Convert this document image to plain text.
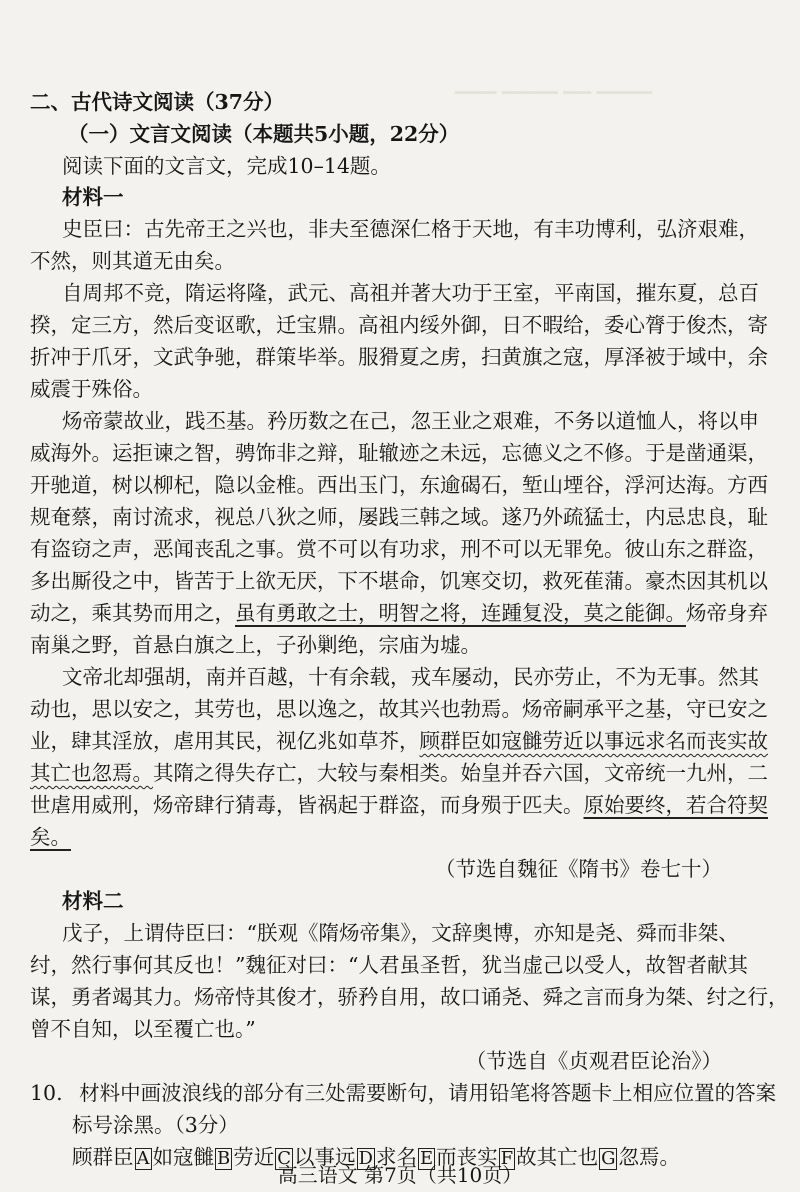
▔▔▔ ▔▔▔▔ ▔▔ ▔▔▔▔
二、古代诗文阅读（37分）
（一）文言文阅读（本题共5小题，22分）
阅读下面的文言文，完成10–14题。
材料一
史臣曰：古先帝王之兴也，非夫至德深仁格于天地，有丰功博利，弘济艰难，
不然，则其道无由矣。
自周邦不竞，隋运将隆，武元、高祖并著大功于王室，平南国，摧东夏，总百
揆，定三方，然后变讴歌，迁宝鼎。高祖内绥外御，日不暇给，委心膂于俊杰，寄
折冲于爪牙，文武争驰，群策毕举。服猾夏之虏，扫黄旗之寇，厚泽被于域中，余
威震于殊俗。
炀帝蒙故业，践丕基。矜历数之在己，忽王业之艰难，不务以道恤人，将以申
威海外。运拒谏之智，骋饰非之辩，耻辙迹之未远，忘德义之不修。于是凿通渠，
开驰道，树以柳杞，隐以金椎。西出玉门，东逾碣石，堑山堙谷，浮河达海。方西
规奄蔡，南讨流求，视总八狄之师，屡践三韩之域。遂乃外疏猛士，内忌忠良，耻
有盗窃之声，恶闻丧乱之事。赏不可以有功求，刑不可以无罪免。彼山东之群盗，
多出厮役之中，皆苦于上欲无厌，下不堪命，饥寒交切，救死萑蒲。豪杰因其机以
动之，乘其势而用之，虽有勇敢之士，明智之将，连踵复没，莫之能御。炀帝身弃
南巢之野，首悬白旗之上，子孙剿绝，宗庙为墟。
文帝北却强胡，南并百越，十有余载，戎车屡动，民亦劳止，不为无事。然其
动也，思以安之，其劳也，思以逸之，故其兴也勃焉。炀帝嗣承平之基，守已安之
业，肆其淫放，虐用其民，视亿兆如草芥，顾群臣如寇雠劳近以事远求名而丧实故
其亡也忽焉。其隋之得失存亡，大较与秦相类。始皇并吞六国，文帝统一九州，二
世虐用威刑，炀帝肆行猜毒，皆祸起于群盗，而身殒于匹夫。原始要终，若合符契
矣。
（节选自魏征《隋书》卷七十）
材料二
戊子，上谓侍臣曰：“朕观《隋炀帝集》，文辞奥博，亦知是尧、舜而非桀、
纣，然行事何其反也！”魏征对曰：“人君虽圣哲，犹当虚己以受人，故智者献其
谋，勇者竭其力。炀帝恃其俊才，骄矜自用，故口诵尧、舜之言而身为桀、纣之行，
曾不自知，以至覆亡也。”
（节选自《贞观君臣论治》）
10. 材料中画波浪线的部分有三处需要断句，请用铅笔将答题卡上相应位置的答案
标号涂黑。（3分）
顾群臣 A 如寇雠 B 劳近 C 以事远 D 求名 E 而丧实 F 故其亡也 G 忽焉。
高三语文 第7页（共10页）
